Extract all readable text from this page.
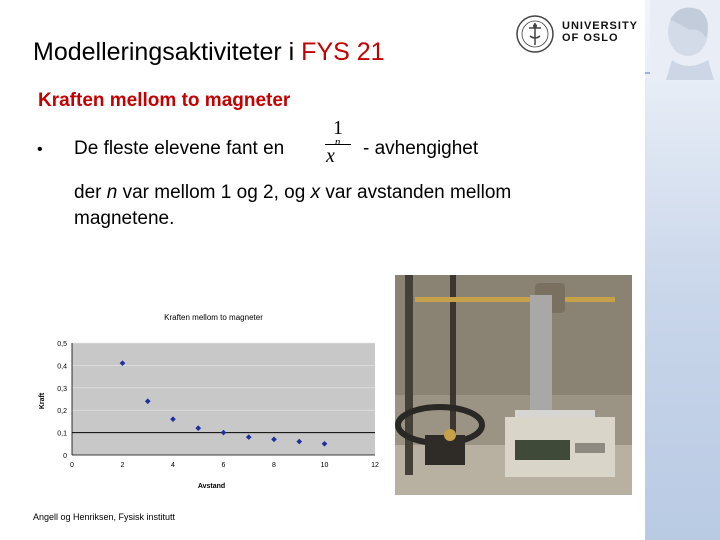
UNIVERSITY
OF OSLO
Modelleringsaktiviteter i FYS 21
Kraften mellom to magneter
• De fleste elevene fant en
1
$x^n$ - avhengighet
der n var mellom 1 og 2, og x var avstanden mellom magnetene.
0
0,1
0,2
0,3
0,4
0,5
0	2	4	6	8	10	12
Kraften mellom to magneter
Avstand
Kraft
Angell og Henriksen, Fysisk institutt
